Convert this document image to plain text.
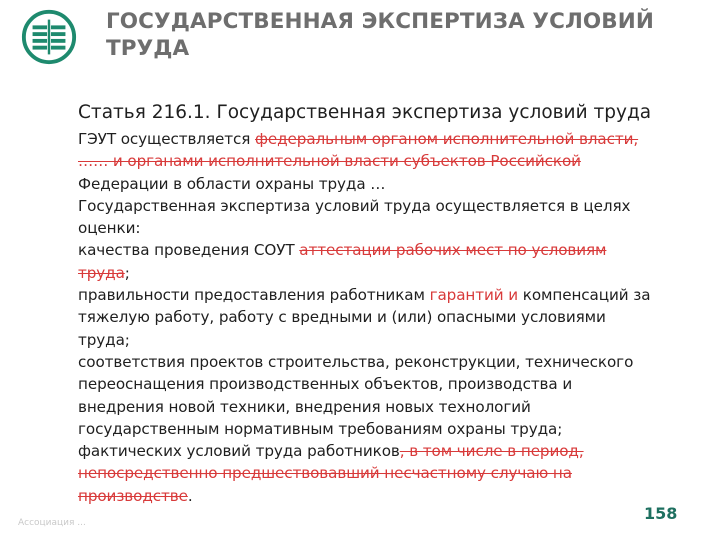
ГОСУДАРСТВЕННАЯ ЭКСПЕРТИЗА УСЛОВИЙ
ТРУДА

Статья 216.1. Государственная экспертиза условий труда

ГЭУТ осуществляется федеральным органом исполнительной власти,
…… и органами исполнительной власти субъектов Российской
Федерации в области охраны труда …
Государственная экспертиза условий труда осуществляется в целях
оценки:
качества проведения СОУТ аттестации рабочих мест по условиям
труда;
правильности предоставления работникам гарантий и компенсаций за
тяжелую работу, работу с вредными и (или) опасными условиями
труда;
соответствия проектов строительства, реконструкции, технического
переоснащения производственных объектов, производства и
внедрения новой техники, внедрения новых технологий
государственным нормативным требованиям охраны труда;
фактических условий труда работников, в том числе в период,
непосредственно предшествовавший несчастному случаю на
производстве.
Ассоциация ...	158
